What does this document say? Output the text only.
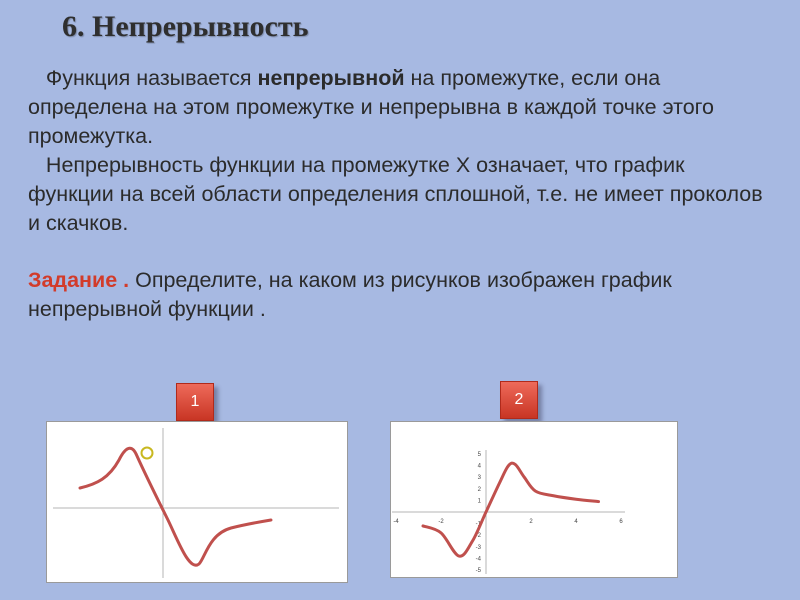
6. Непрерывность

Функция называется непрерывной на промежутке, если она определена на этом промежутке и непрерывна в каждой точке этого промежутка.

Непрерывность функции на промежутке Х означает, что график функции на всей области определения сплошной, т.е. не имеет проколов и скачков.

Задание . Определите, на каком из рисунков изображен график непрерывной функции .
1	2
-4	-2	2	4	6
5
4
3
2
1
-1
-2
-3
-4
-5
